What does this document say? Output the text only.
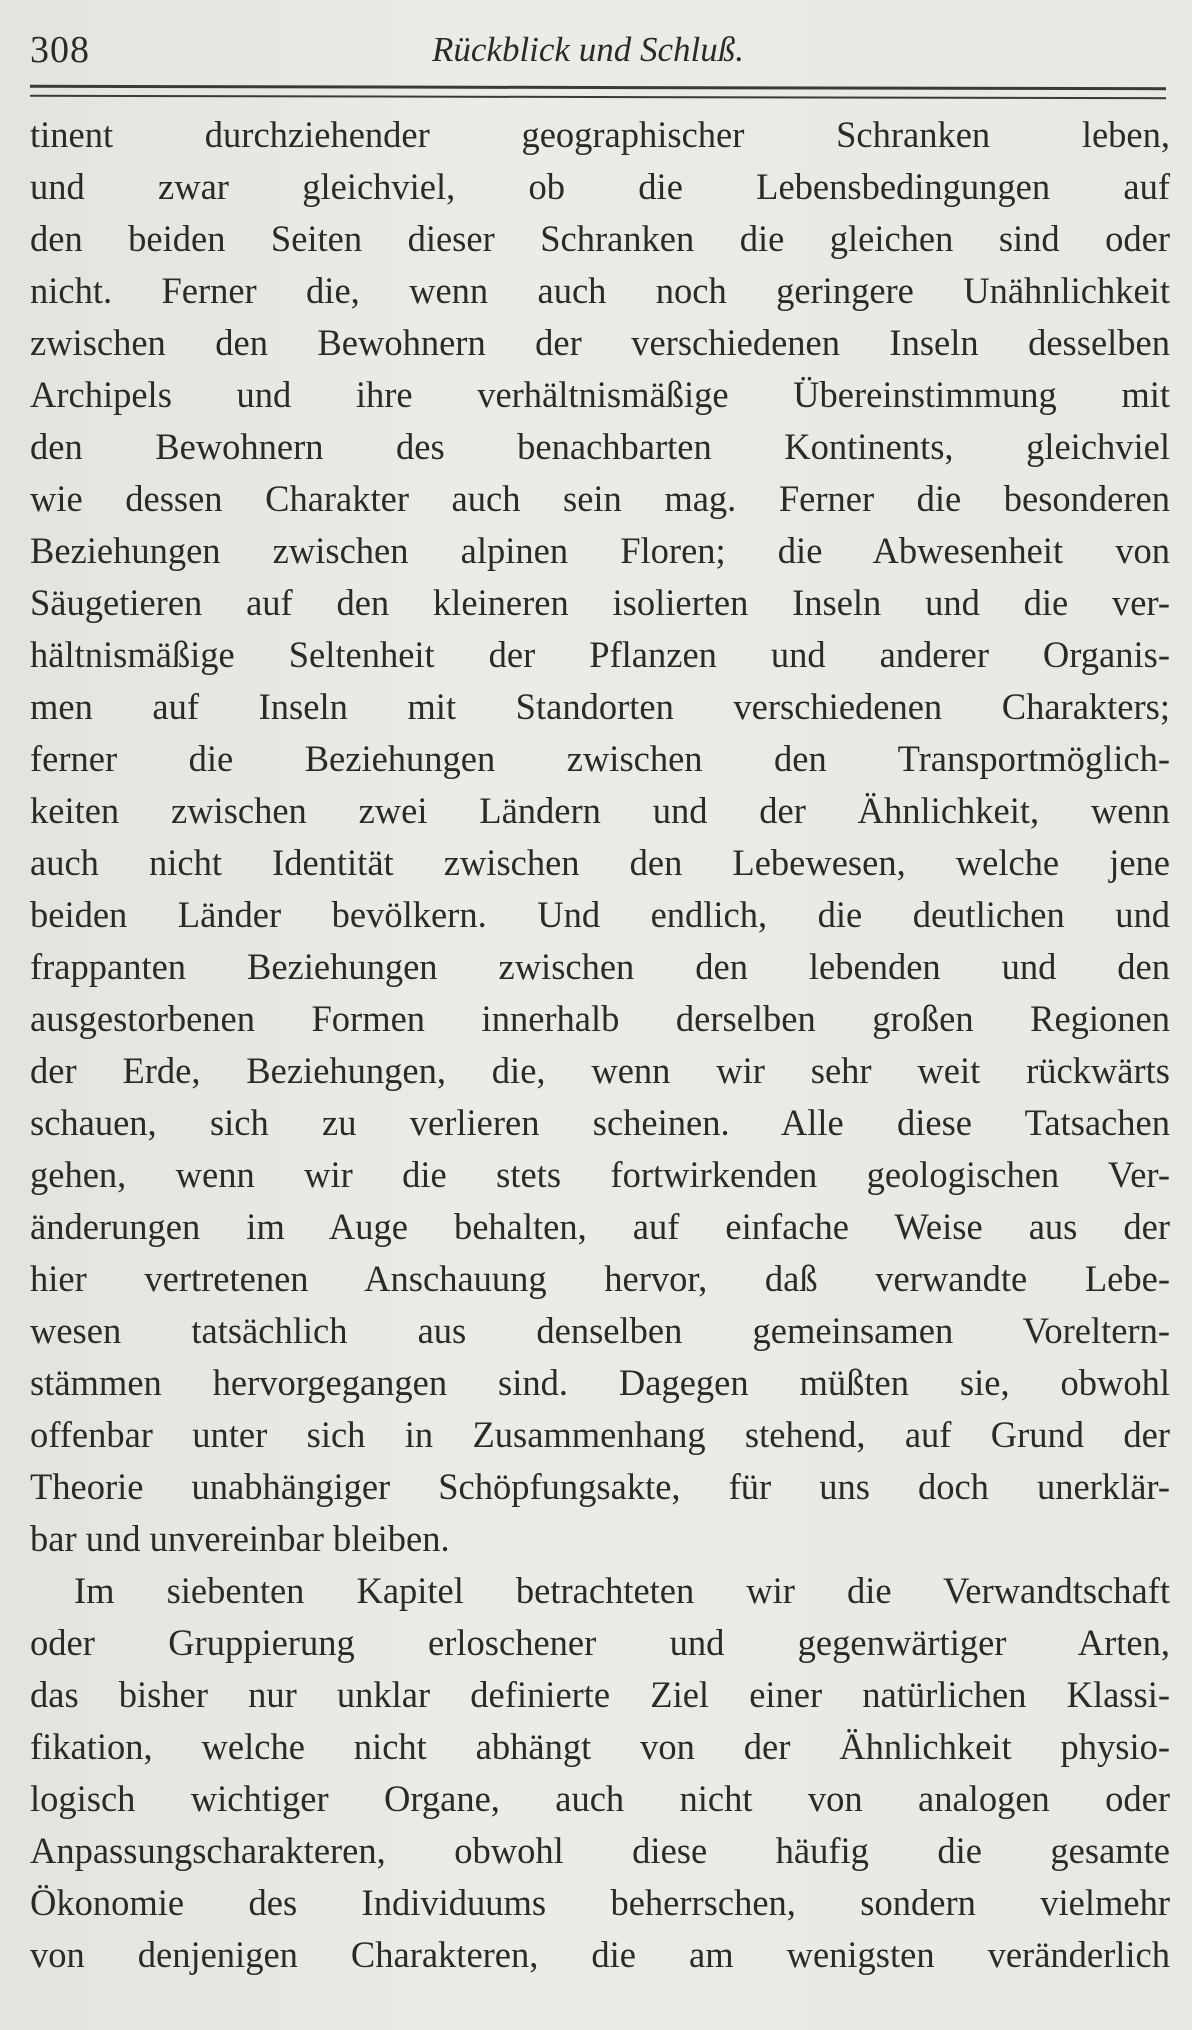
308	Rückblick und Schluß.
tinent durchziehender geographischer Schranken leben,
und zwar gleichviel, ob die Lebensbedingungen auf
den beiden Seiten dieser Schranken die gleichen sind oder
nicht. Ferner die, wenn auch noch geringere Unähnlichkeit
zwischen den Bewohnern der verschiedenen Inseln desselben
Archipels und ihre verhältnismäßige Übereinstimmung mit
den Bewohnern des benachbarten Kontinents, gleichviel
wie dessen Charakter auch sein mag. Ferner die besonderen
Beziehungen zwischen alpinen Floren; die Abwesenheit von
Säugetieren auf den kleineren isolierten Inseln und die ver-
hältnismäßige Seltenheit der Pflanzen und anderer Organis-
men auf Inseln mit Standorten verschiedenen Charakters;
ferner die Beziehungen zwischen den Transportmöglich-
keiten zwischen zwei Ländern und der Ähnlichkeit, wenn
auch nicht Identität zwischen den Lebewesen, welche jene
beiden Länder bevölkern. Und endlich, die deutlichen und
frappanten Beziehungen zwischen den lebenden und den
ausgestorbenen Formen innerhalb derselben großen Regionen
der Erde, Beziehungen, die, wenn wir sehr weit rückwärts
schauen, sich zu verlieren scheinen. Alle diese Tatsachen
gehen, wenn wir die stets fortwirkenden geologischen Ver-
änderungen im Auge behalten, auf einfache Weise aus der
hier vertretenen Anschauung hervor, daß verwandte Lebe-
wesen tatsächlich aus denselben gemeinsamen Voreltern-
stämmen hervorgegangen sind. Dagegen müßten sie, obwohl
offenbar unter sich in Zusammenhang stehend, auf Grund der
Theorie unabhängiger Schöpfungsakte, für uns doch unerklär-
bar und unvereinbar bleiben.
Im siebenten Kapitel betrachteten wir die Verwandtschaft
oder Gruppierung erloschener und gegenwärtiger Arten,
das bisher nur unklar definierte Ziel einer natürlichen Klassi-
fikation, welche nicht abhängt von der Ähnlichkeit physio-
logisch wichtiger Organe, auch nicht von analogen oder
Anpassungscharakteren, obwohl diese häufig die gesamte
Ökonomie des Individuums beherrschen, sondern vielmehr
von denjenigen Charakteren, die am wenigsten veränderlich
